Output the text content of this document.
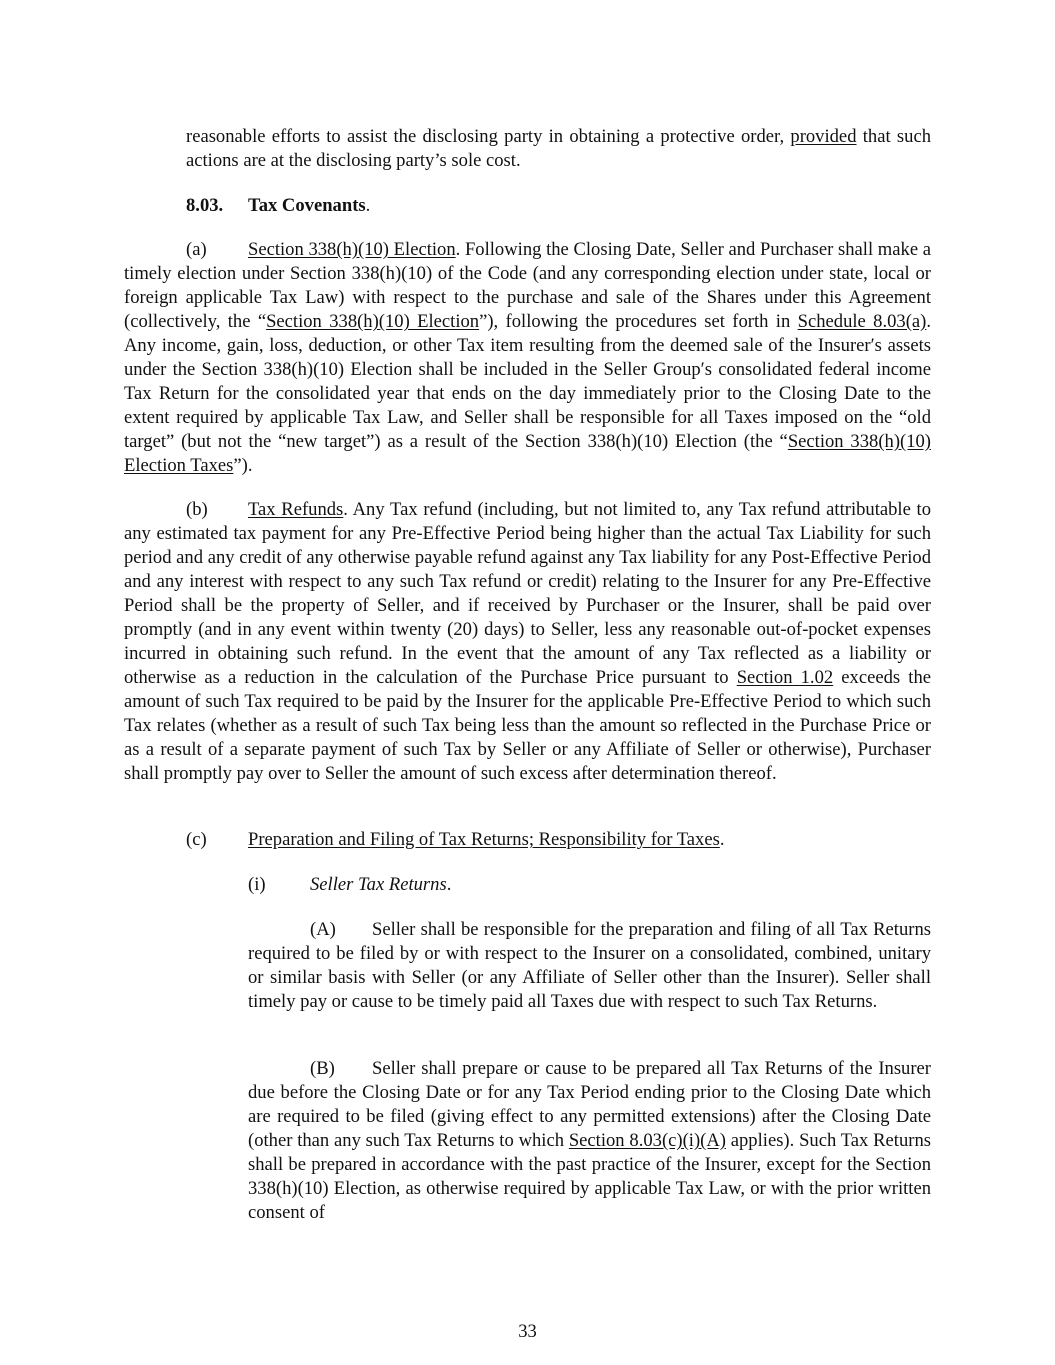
reasonable efforts to assist the disclosing party in obtaining a protective order, provided that such actions are at the disclosing party’s sole cost.

8.03. Tax Covenants.

(a) Section 338(h)(10) Election. Following the Closing Date, Seller and Purchaser shall make a timely election under Section 338(h)(10) of the Code (and any corresponding election under state, local or foreign applicable Tax Law) with respect to the purchase and sale of the Shares under this Agreement (collectively, the “Section 338(h)(10) Election”), following the procedures set forth in Schedule 8.03(a). Any income, gain, loss, deduction, or other Tax item resulting from the deemed sale of the Insurer′s assets under the Section 338(h)(10) Election shall be included in the Seller Group′s consolidated federal income Tax Return for the consolidated year that ends on the day immediately prior to the Closing Date to the extent required by applicable Tax Law, and Seller shall be responsible for all Taxes imposed on the “old target” (but not the “new target”) as a result of the Section 338(h)(10) Election (the “Section 338(h)(10) Election Taxes”).

(b) Tax Refunds. Any Tax refund (including, but not limited to, any Tax refund attributable to any estimated tax payment for any Pre-Effective Period being higher than the actual Tax Liability for such period and any credit of any otherwise payable refund against any Tax liability for any Post-Effective Period and any interest with respect to any such Tax refund or credit) relating to the Insurer for any Pre-Effective Period shall be the property of Seller, and if received by Purchaser or the Insurer, shall be paid over promptly (and in any event within twenty (20) days) to Seller, less any reasonable out-of-pocket expenses incurred in obtaining such refund. In the event that the amount of any Tax reflected as a liability or otherwise as a reduction in the calculation of the Purchase Price pursuant to Section 1.02 exceeds the amount of such Tax required to be paid by the Insurer for the applicable Pre-Effective Period to which such Tax relates (whether as a result of such Tax being less than the amount so reflected in the Purchase Price or as a result of a separate payment of such Tax by Seller or any Affiliate of Seller or otherwise), Purchaser shall promptly pay over to Seller the amount of such excess after determination thereof.

(c) Preparation and Filing of Tax Returns; Responsibility for Taxes.

(i) Seller Tax Returns.

(A) Seller shall be responsible for the preparation and filing of all Tax Returns required to be filed by or with respect to the Insurer on a consolidated, combined, unitary or similar basis with Seller (or any Affiliate of Seller other than the Insurer). Seller shall timely pay or cause to be timely paid all Taxes due with respect to such Tax Returns.

(B) Seller shall prepare or cause to be prepared all Tax Returns of the Insurer due before the Closing Date or for any Tax Period ending prior to the Closing Date which are required to be filed (giving effect to any permitted extensions) after the Closing Date (other than any such Tax Returns to which Section 8.03(c)(i)(A) applies). Such Tax Returns shall be prepared in accordance with the past practice of the Insurer, except for the Section 338(h)(10) Election, as otherwise required by applicable Tax Law, or with the prior written consent of

33
